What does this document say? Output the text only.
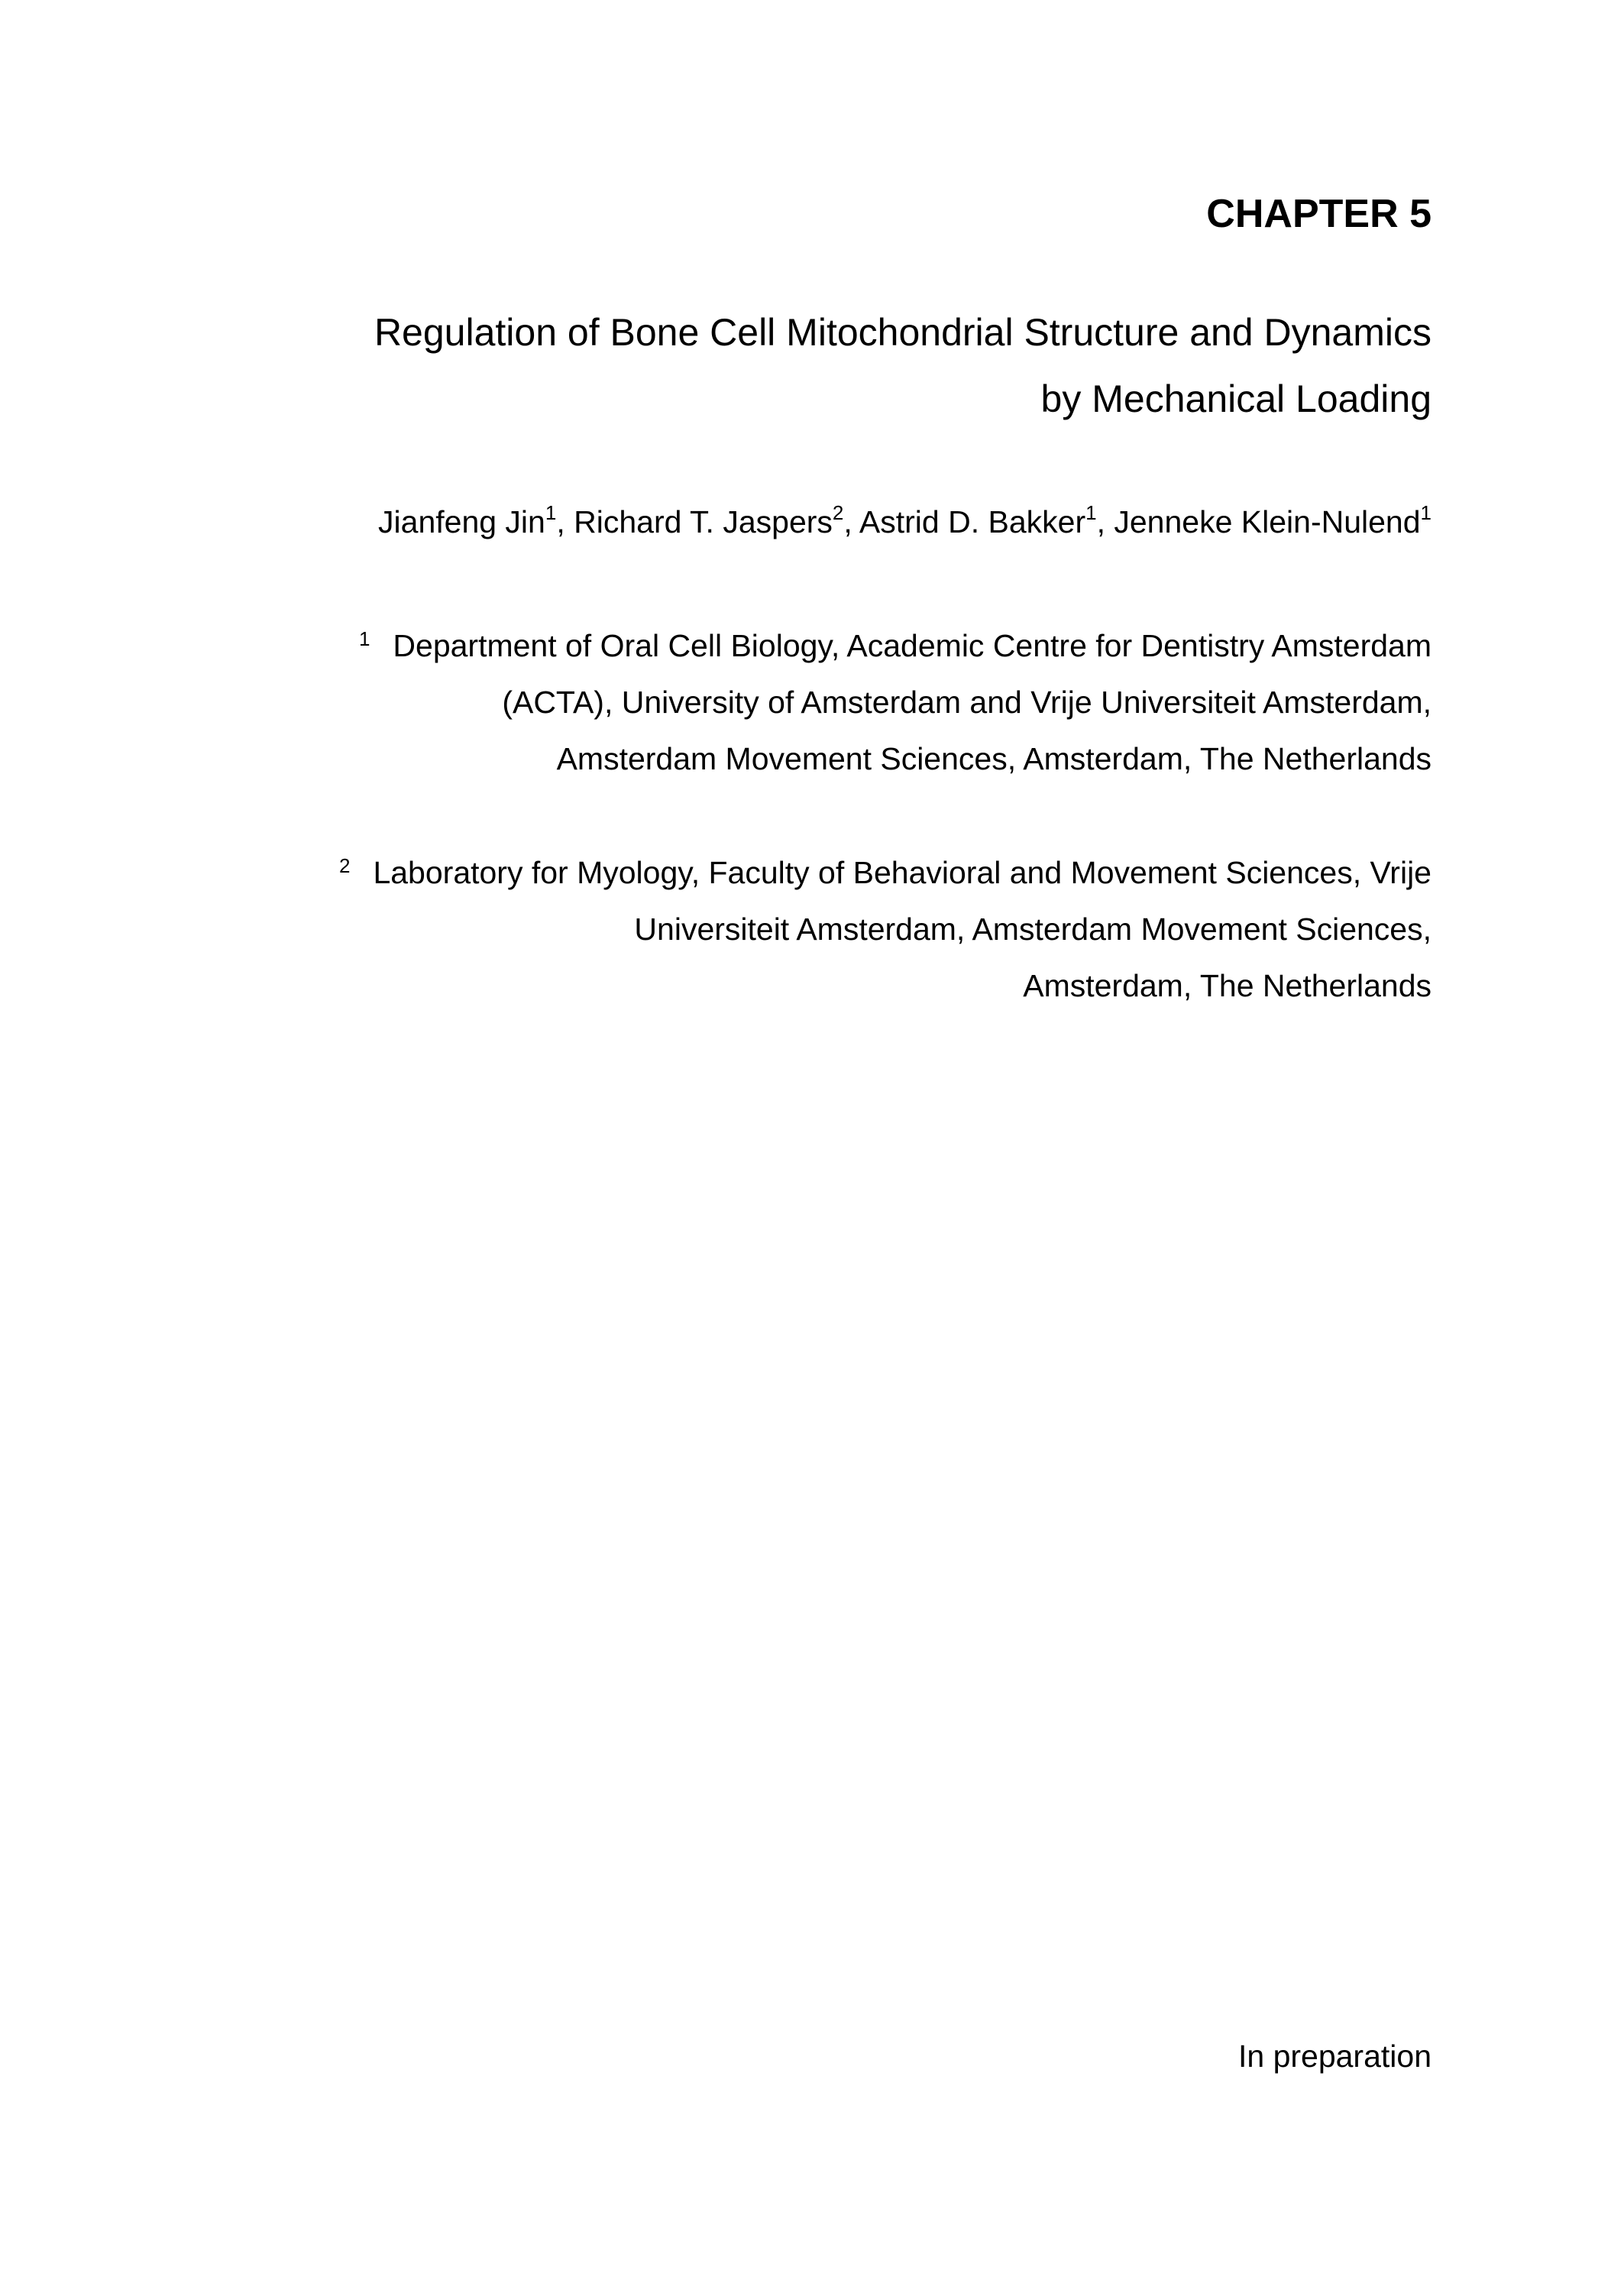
CHAPTER 5
Regulation of Bone Cell Mitochondrial Structure and Dynamics
by Mechanical Loading
Jianfeng Jin$^1$, Richard T. Jaspers$^2$, Astrid D. Bakker$^1$, Jenneke Klein-Nulend$^1$
$^1$ Department of Oral Cell Biology, Academic Centre for Dentistry Amsterdam
(ACTA), University of Amsterdam and Vrije Universiteit Amsterdam,
Amsterdam Movement Sciences, Amsterdam, The Netherlands
$^2$ Laboratory for Myology, Faculty of Behavioral and Movement Sciences, Vrije
Universiteit Amsterdam, Amsterdam Movement Sciences,
Amsterdam, The Netherlands
In preparation
